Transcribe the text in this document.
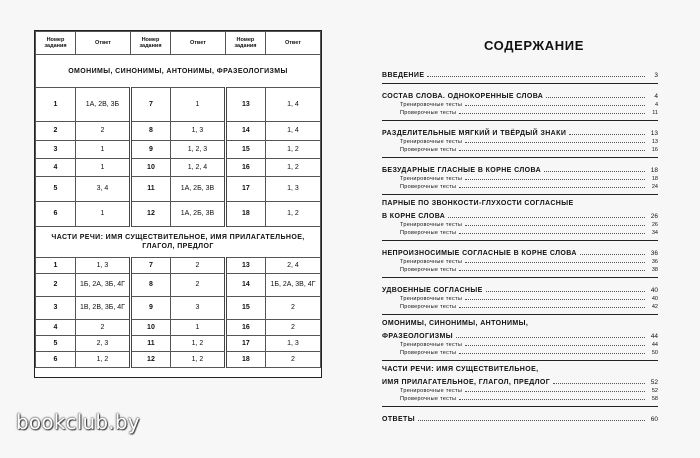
Номер задания	Ответ	Номер задания	Ответ	Номер задания	Ответ
ОМОНИМЫ, СИНОНИМЫ, АНТОНИМЫ, ФРАЗЕОЛОГИЗМЫ					
1	1А, 2В, 3Б	7	1	13	1, 4
2	2	8	1, 3	14	1, 4
3	1	9	1, 2, 3	15	1, 2
4	1	10	1, 2, 4	16	1, 2
5	3, 4	11	1А, 2Б, 3В	17	1, 3
6	1	12	1А, 2Б, 3В	18	1, 2
ЧАСТИ РЕЧИ: ИМЯ СУЩЕСТВИТЕЛЬНОЕ, ИМЯ ПРИЛАГАТЕЛЬНОЕ, ГЛАГОЛ, ПРЕДЛОГ					
1	1, 3	7	2	13	2, 4
2	1Б, 2А, 3Б, 4Г	8	2	14	1Б, 2А, 3В, 4Г
3	1В, 2В, 3Б, 4Г	9	3	15	2
4	2	10	1	16	2
5	2, 3	11	1, 2	17	1, 3
6	1, 2	12	1, 2	18	2
СОДЕРЖАНИЕ
ВВЕДЕНИЕ	3
СОСТАВ СЛОВА. ОДНОКОРЕННЫЕ СЛОВА	4
Тренировочные тесты	4
Проверочные тесты	11
РАЗДЕЛИТЕЛЬНЫЕ МЯГКИЙ И ТВЁРДЫЙ ЗНАКИ	13
Тренировочные тесты	13
Проверочные тесты	16
БЕЗУДАРНЫЕ ГЛАСНЫЕ В КОРНЕ СЛОВА	18
Тренировочные тесты	18
Проверочные тесты	24
ПАРНЫЕ ПО ЗВОНКОСТИ-ГЛУХОСТИ СОГЛАСНЫЕ
В КОРНЕ СЛОВА	26
Тренировочные тесты	26
Проверочные тесты	34
НЕПРОИЗНОСИМЫЕ СОГЛАСНЫЕ В КОРНЕ СЛОВА	36
Тренировочные тесты	36
Проверочные тесты	38
УДВОЕННЫЕ СОГЛАСНЫЕ	40
Тренировочные тесты	40
Проверочные тесты	42
ОМОНИМЫ, СИНОНИМЫ, АНТОНИМЫ,
ФРАЗЕОЛОГИЗМЫ	44
Тренировочные тесты	44
Проверочные тесты	50
ЧАСТИ РЕЧИ: ИМЯ СУЩЕСТВИТЕЛЬНОЕ,
ИМЯ ПРИЛАГАТЕЛЬНОЕ, ГЛАГОЛ, ПРЕДЛОГ	52
Тренировочные тесты	52
Проверочные тесты	58
ОТВЕТЫ	60
bookclub.by
